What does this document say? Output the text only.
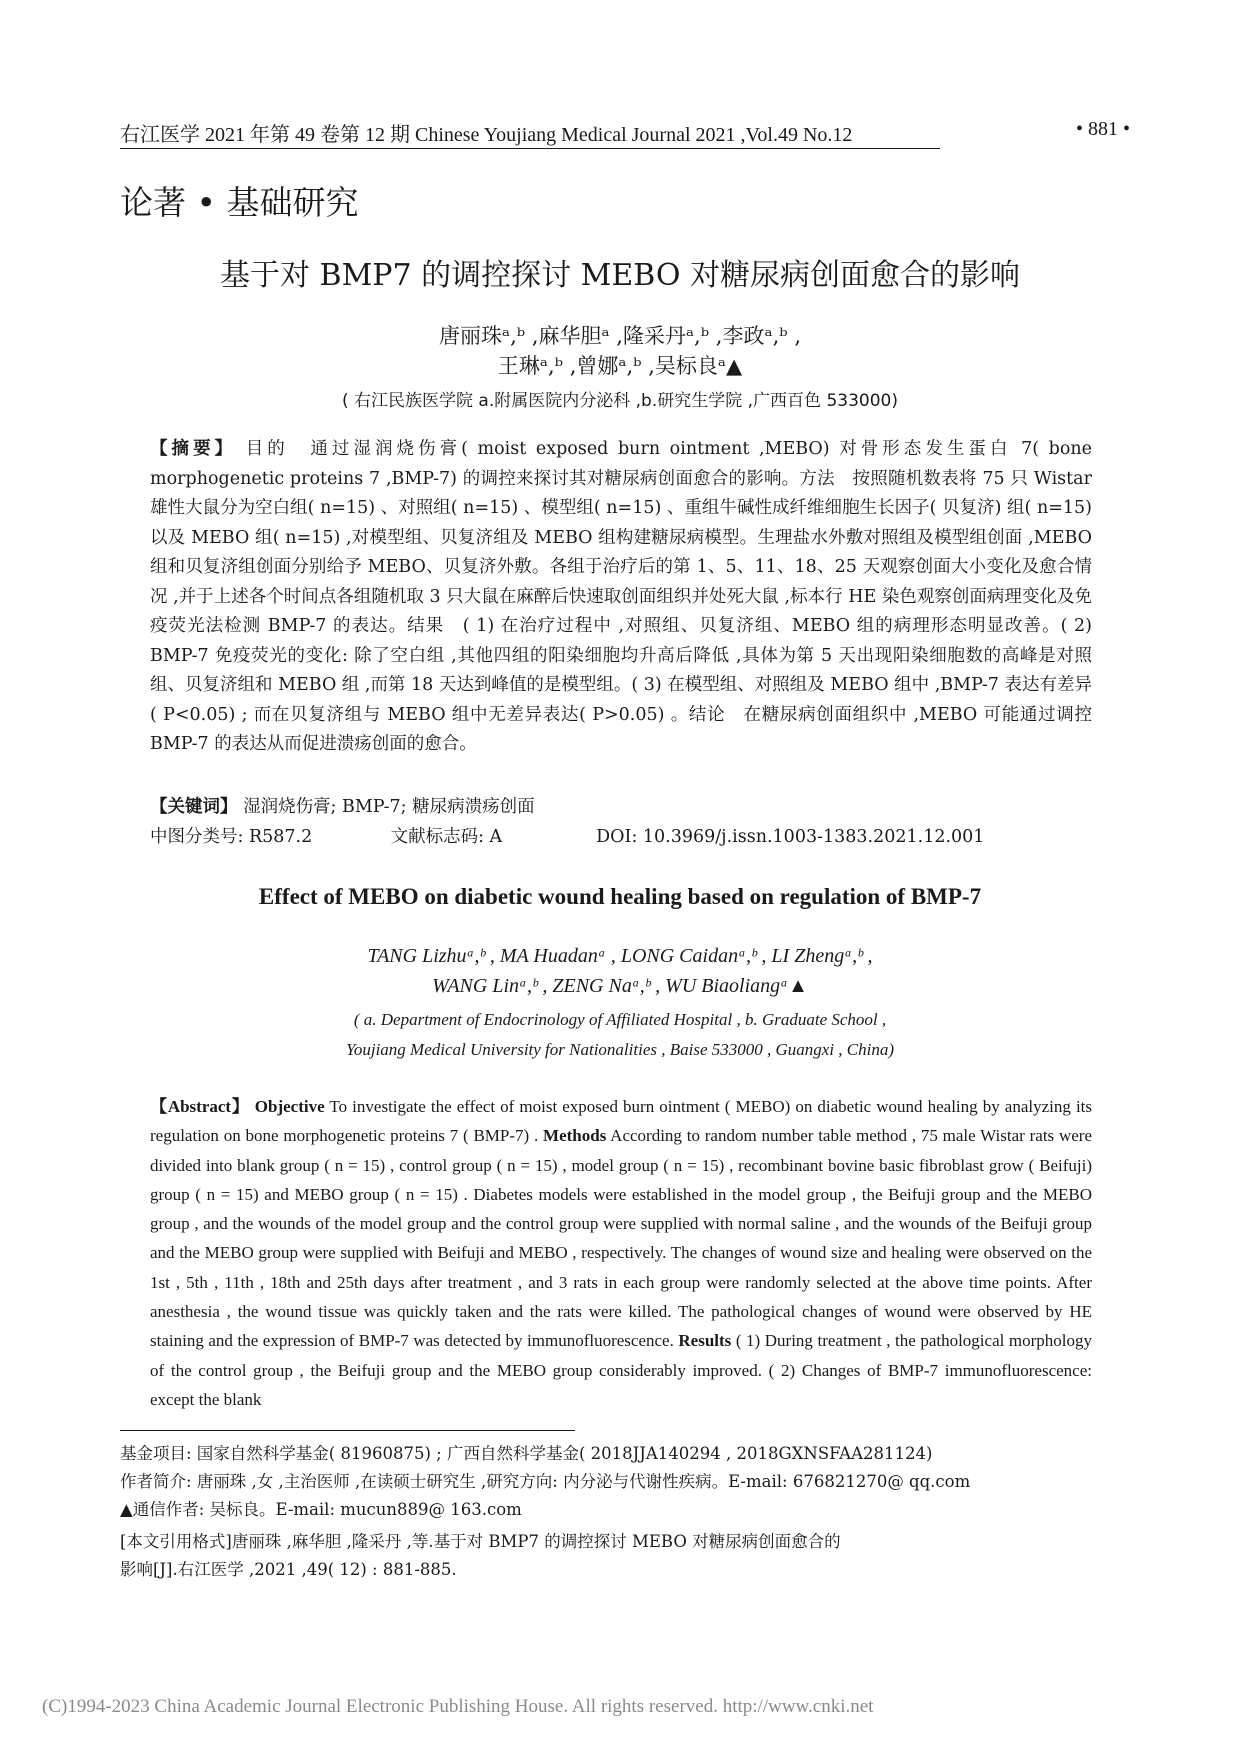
右江医学 2021 年第 49 卷第 12 期 Chinese Youjiang Medical Journal 2021 ,Vol.49 No.12	• 881 •
论著 • 基础研究
基于对 BMP7 的调控探讨 MEBO 对糖尿病创面愈合的影响
唐丽珠ᵃ,ᵇ ,麻华胆ᵃ ,隆采丹ᵃ,ᵇ ,李政ᵃ,ᵇ ,
王琳ᵃ,ᵇ ,曾娜ᵃ,ᵇ ,吴标良ᵃ▲
( 右江民族医学院 a.附属医院内分泌科 ,b.研究生学院 ,广西百色 533000)
【摘要】 目的　通过湿润烧伤膏( moist exposed burn ointment ,MEBO) 对骨形态发生蛋白 7( bone morphogenetic proteins 7 ,BMP-7) 的调控来探讨其对糖尿病创面愈合的影响。方法　按照随机数表将 75 只 Wistar 雄性大鼠分为空白组( n=15) 、对照组( n=15) 、模型组( n=15) 、重组牛碱性成纤维细胞生长因子( 贝复济) 组( n=15) 以及 MEBO 组( n=15) ,对模型组、贝复济组及 MEBO 组构建糖尿病模型。生理盐水外敷对照组及模型组创面 ,MEBO 组和贝复济组创面分别给予 MEBO、贝复济外敷。各组于治疗后的第 1、5、11、18、25 天观察创面大小变化及愈合情况 ,并于上述各个时间点各组随机取 3 只大鼠在麻醉后快速取创面组织并处死大鼠 ,标本行 HE 染色观察创面病理变化及免疫荧光法检测 BMP-7 的表达。结果　( 1) 在治疗过程中 ,对照组、贝复济组、MEBO 组的病理形态明显改善。( 2) BMP-7 免疫荧光的变化: 除了空白组 ,其他四组的阳染细胞均升高后降低 ,具体为第 5 天出现阳染细胞数的高峰是对照组、贝复济组和 MEBO 组 ,而第 18 天达到峰值的是模型组。( 3) 在模型组、对照组及 MEBO 组中 ,BMP-7 表达有差异( P<0.05) ; 而在贝复济组与 MEBO 组中无差异表达( P>0.05) 。结论　在糖尿病创面组织中 ,MEBO 可能通过调控 BMP-7 的表达从而促进溃疡创面的愈合。
【关键词】 湿润烧伤膏; BMP-7; 糖尿病溃疡创面
中图分类号: R587.2	文献标志码: A	DOI: 10.3969/j.issn.1003-1383.2021.12.001
Effect of MEBO on diabetic wound healing based on regulation of BMP-7
TANG Lizhuᵃ,ᵇ , MA Huadanᵃ , LONG Caidanᵃ,ᵇ , LI Zhengᵃ,ᵇ ,
WANG Linᵃ,ᵇ , ZENG Naᵃ,ᵇ , WU Biaoliangᵃ▲
( a. Department of Endocrinology of Affiliated Hospital , b. Graduate School ,
Youjiang Medical University for Nationalities , Baise 533000 , Guangxi , China)
【Abstract】 Objective To investigate the effect of moist exposed burn ointment ( MEBO) on diabetic wound healing by analyzing its regulation on bone morphogenetic proteins 7 ( BMP-7) . Methods According to random number table method , 75 male Wistar rats were divided into blank group ( n = 15) , control group ( n = 15) , model group ( n = 15) , recombinant bovine basic fibroblast grow ( Beifuji) group ( n = 15) and MEBO group ( n = 15) . Diabetes models were established in the model group , the Beifuji group and the MEBO group , and the wounds of the model group and the control group were supplied with normal saline , and the wounds of the Beifuji group and the MEBO group were supplied with Beifuji and MEBO , respectively. The changes of wound size and healing were observed on the 1st , 5th , 11th , 18th and 25th days after treatment , and 3 rats in each group were randomly selected at the above time points. After anesthesia , the wound tissue was quickly taken and the rats were killed. The pathological changes of wound were observed by HE staining and the expression of BMP-7 was detected by immunofluorescence. Results ( 1) During treatment , the pathological morphology of the control group , the Beifuji group and the MEBO group considerably improved. ( 2) Changes of BMP-7 immunofluorescence: except the blank
基金项目: 国家自然科学基金( 81960875) ; 广西自然科学基金( 2018JJA140294 , 2018GXNSFAA281124)
作者简介: 唐丽珠 ,女 ,主治医师 ,在读硕士研究生 ,研究方向: 内分泌与代谢性疾病。E-mail: 676821270@ qq.com
▲通信作者: 吴标良。E-mail: mucun889@ 163.com
[本文引用格式]唐丽珠 ,麻华胆 ,隆采丹 ,等.基于对 BMP7 的调控探讨 MEBO 对糖尿病创面愈合的
影响[J].右江医学 ,2021 ,49( 12) : 881-885.
(C)1994-2023 China Academic Journal Electronic Publishing House. All rights reserved. http://www.cnki.net
